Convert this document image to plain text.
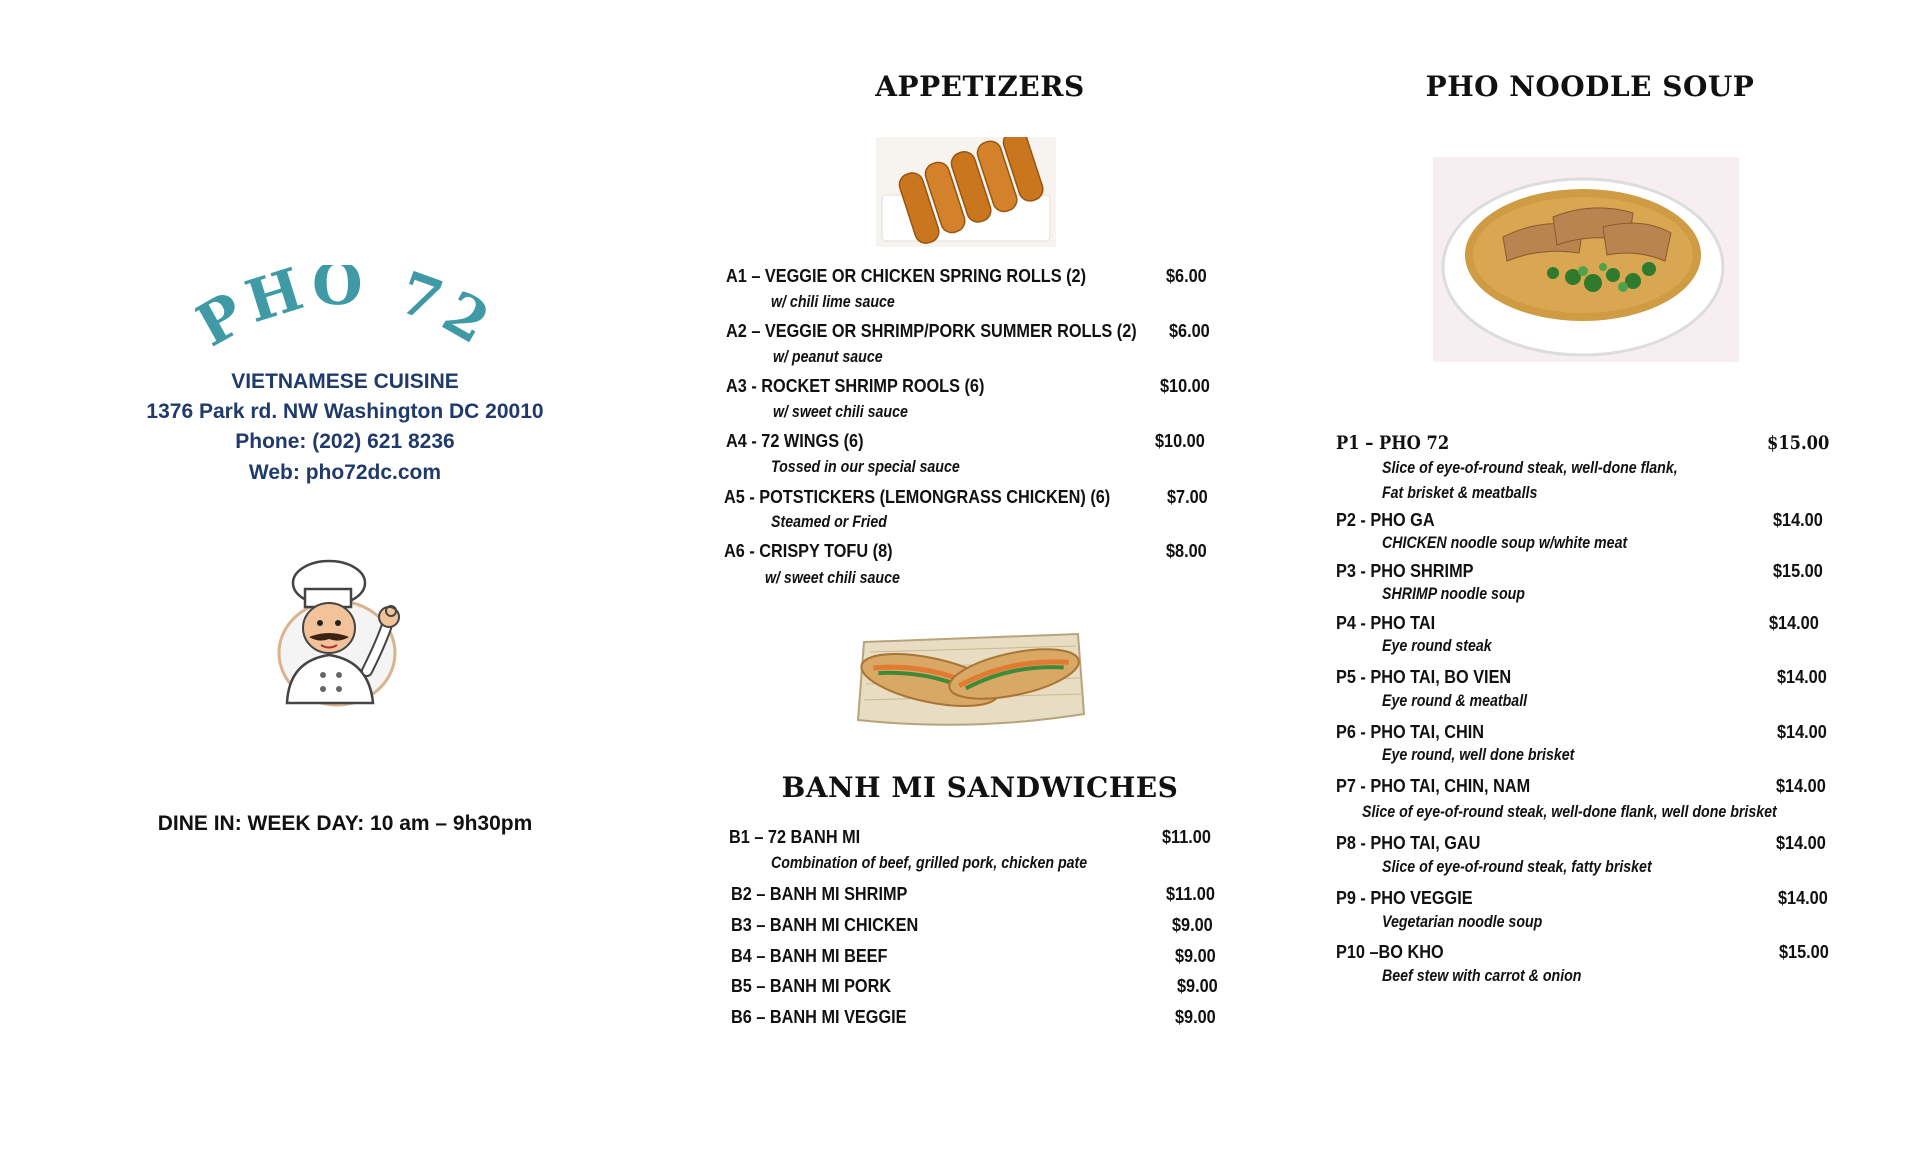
HO 7
VIETNAMESE CUISINE
1376 Park rd. NW Washington DC 20010
Phone: (202) 621 8236
Web: pho72dc.com
DINE IN: WEEK DAY: 10 am – 9h30pm
APPETIZERS
A1 – VEGGIE OR CHICKEN SPRING ROLLS (2)	$6.00
w/ chili lime sauce
A2 – VEGGIE OR SHRIMP/PORK SUMMER ROLLS (2) $6.00
w/ peanut sauce
A3 - ROCKET SHRIMP ROOLS (6)	$10.00
w/ sweet chili sauce
A4 - 72 WINGS (6)	$10.00
Tossed in our special sauce
A5 - POTSTICKERS (LEMONGRASS CHICKEN) (6)	$7.00
Steamed or Fried
A6 - CRISPY TOFU (8)	$8.00
w/ sweet chili sauce
BANH MI SANDWICHES
B1 – 72 BANH MI	$11.00
Combination of beef, grilled pork, chicken pate
B2 – BANH MI SHRIMP	$11.00
B3 – BANH MI CHICKEN	$9.00
B4 – BANH MI BEEF	$9.00
B5 – BANH MI PORK	$9.00
B6 – BANH MI VEGGIE	$9.00
PHO NOODLE SOUP
P1 – PHO 72	$15.00
Slice of eye-of-round steak, well-done flank,
Fat brisket & meatballs
P2 - PHO GA	$14.00
CHICKEN noodle soup w/white meat
P3 - PHO SHRIMP	$15.00
SHRIMP noodle soup
P4 - PHO TAI	$14.00
Eye round steak
P5 - PHO TAI, BO VIEN	$14.00
Eye round & meatball
P6 - PHO TAI, CHIN	$14.00
Eye round, well done brisket
P7 - PHO TAI, CHIN, NAM	$14.00
Slice of eye-of-round steak, well-done flank, well done brisket
P8 - PHO TAI, GAU	$14.00
Slice of eye-of-round steak, fatty brisket
P9 - PHO VEGGIE	$14.00
Vegetarian noodle soup
P10 –BO KHO	$15.00
Beef stew with carrot & onion
